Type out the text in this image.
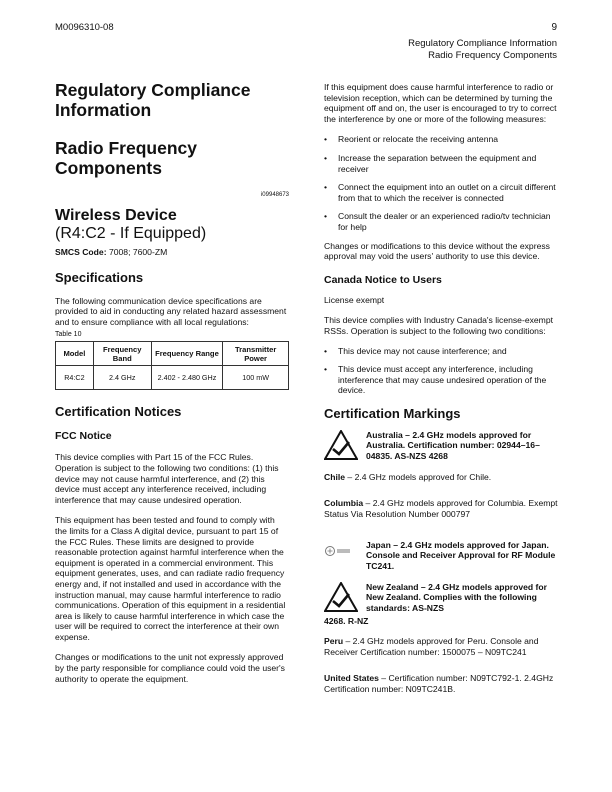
M0096310-08	9
Regulatory Compliance Information
Radio Frequency Components
Regulatory Compliance Information
Radio Frequency Components
i09948673
Wireless Device
(R4:C2 - If Equipped)

SMCS Code: 7008; 7600-ZM

Specifications

The following communication device specifications are provided to aid in conducting any related hazard assessment and to ensure compliance with all local regulations:

Table 10
Model	Frequency Band	Frequency Range	Transmitter Power
R4:C2	2.4 GHz	2.402 - 2.480 GHz	100 mW
Certification Notices
FCC Notice

This device complies with Part 15 of the FCC Rules. Operation is subject to the following two conditions: (1) this device may not cause harmful interference, and (2) this device must accept any interference received, including interference that may cause undesired operation.

This equipment has been tested and found to comply with the limits for a Class A digital device, pursuant to part 15 of the FCC Rules. These limits are designed to provide reasonable protection against harmful interference when the equipment is operated in a commercial environment. This equipment generates, uses, and can radiate radio frequency energy and, if not installed and used in accordance with the instruction manual, may cause harmful interference to radio communications. Operation of this equipment in a residential area is likely to cause harmful interference in which case the user will be required to correct the interference at their own expense.

Changes or modifications to the unit not expressly approved by the party responsible for compliance could void the user's authority to operate the equipment.

If this equipment does cause harmful interference to radio or television reception, which can be determined by turning the equipment off and on, the user is encouraged to try to correct the interference by one or more of the following measures:

• Reorient or relocate the receiving antenna
• Increase the separation between the equipment and receiver
• Connect the equipment into an outlet on a circuit different from that to which the receiver is connected
• Consult the dealer or an experienced radio/tv technician for help

Changes or modifications to this device without the express approval may void the users' authority to use this device.

Canada Notice to Users

License exempt

This device complies with Industry Canada's license-exempt RSSs. Operation is subject to the following two conditions:

• This device may not cause interference; and
• This device must accept any interference, including interference that may cause undesired operation of the device.
Certification Markings

Australia – 2.4 GHz models approved for Australia. Certification number: 02944–16–04835. AS-NZS 4268

Chile – 2.4 GHz models approved for Chile.

Columbia – 2.4 GHz models approved for Columbia. Exempt Status Via Resolution Number 000797

Japan – 2.4 GHz models approved for Japan. Console and Receiver Approval for RF Module TC241.

New Zealand – 2.4 GHz models approved for New Zealand. Complies with the following standards: AS-NZS

4268. R-NZ

Peru – 2.4 GHz models approved for Peru. Console and Receiver Certification number: 1500075 – N09TC241

United States – Certification number: N09TC792-1. 2.4GHz Certification number: N09TC241B.
